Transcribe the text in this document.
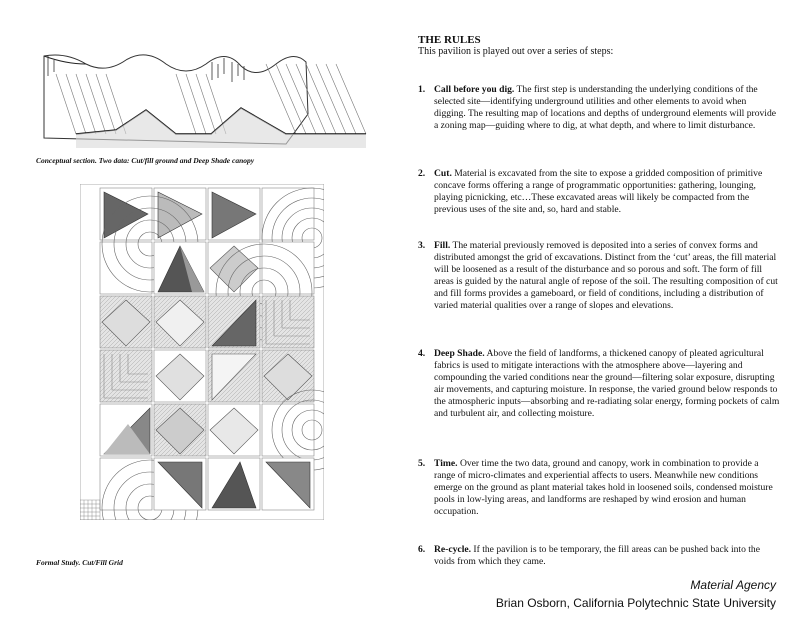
Conceptual section. Two data: Cut/fill ground and Deep Shade canopy
Formal Study. Cut/Fill Grid

THE RULES

This pavilion is played out over a series of steps:

1. Call before you dig. The first step is understanding the underlying conditions of the selected site—identifying underground utilities and other elements to avoid when digging. The resulting map of locations and depths of underground elements will provide a zoning map—guiding where to dig, at what depth, and where to limit disturbance.
2. Cut. Material is excavated from the site to expose a gridded composition of primitive concave forms offering a range of programmatic opportunities: gathering, lounging, playing picnicking, etc…These excavated areas will likely be compacted from the previous uses of the site and, so, hard and stable.
3. Fill. The material previously removed is deposited into a series of convex forms and distributed amongst the grid of excavations. Distinct from the ‘cut’ areas, the fill material will be loosened as a result of the disturbance and so porous and soft. The form of fill areas is guided by the natural angle of repose of the soil. The resulting composition of cut and fill forms provides a gameboard, or field of conditions, including a distribution of varied material qualities over a range of slopes and elevations.
4. Deep Shade. Above the field of landforms, a thickened canopy of pleated agricultural fabrics is used to mitigate interactions with the atmosphere above—layering and compounding the varied conditions near the ground—filtering solar exposure, disrupting air movements, and capturing moisture. In response, the varied ground below responds to the atmospheric inputs—absorbing and re-radiating solar energy, forming pockets of calm and turbulent air, and collecting moisture.
5. Time. Over time the two data, ground and canopy, work in combination to provide a range of micro-climates and experiential affects to users. Meanwhile new conditions emerge on the ground as plant material takes hold in loosened soils, condensed moisture pools in low-lying areas, and landforms are reshaped by wind erosion and human occupation.
6. Re-cycle. If the pavilion is to be temporary, the fill areas can be pushed back into the voids from which they came.
Material Agency
Brian Osborn, California Polytechnic State University
